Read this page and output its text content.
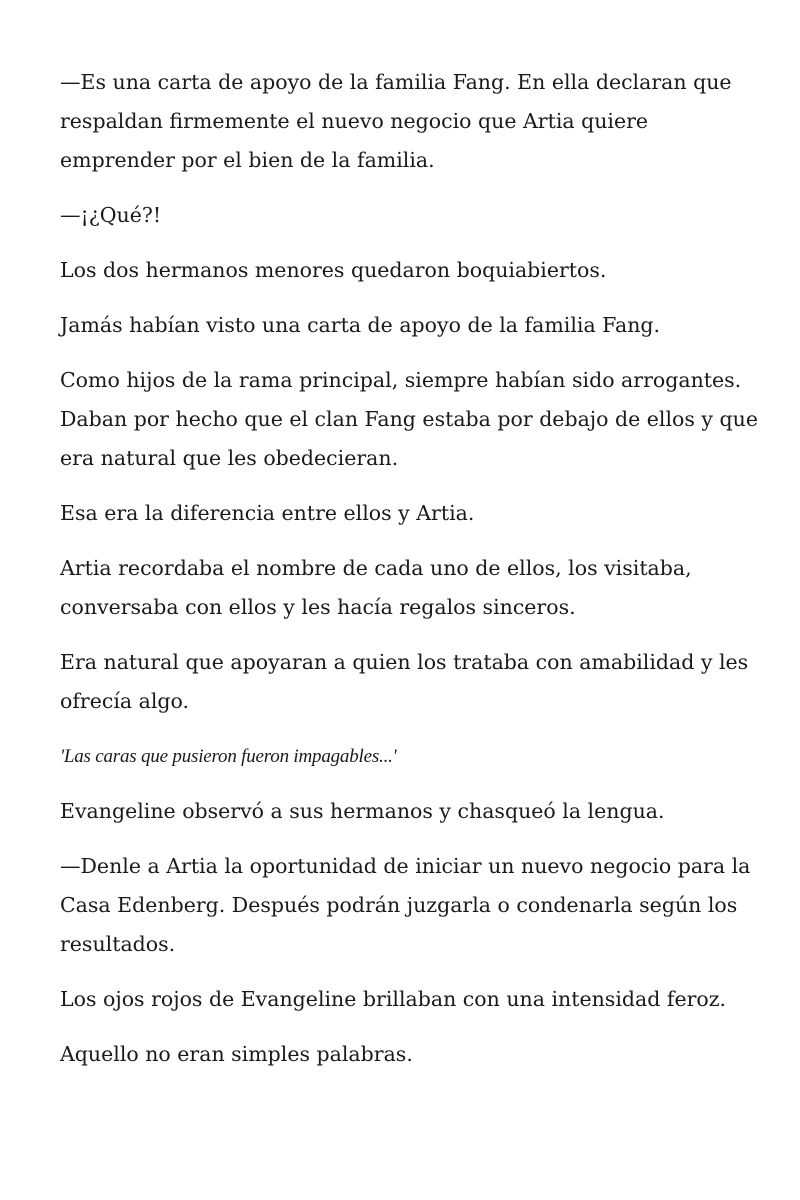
—Es una carta de apoyo de la familia Fang. En ella declaran que respaldan firmemente el nuevo negocio que Artia quiere emprender por el bien de la familia.

—¡¿Qué?!

Los dos hermanos menores quedaron boquiabiertos.

Jamás habían visto una carta de apoyo de la familia Fang.

Como hijos de la rama principal, siempre habían sido arrogantes. Daban por hecho que el clan Fang estaba por debajo de ellos y que era natural que les obedecieran.

Esa era la diferencia entre ellos y Artia.

Artia recordaba el nombre de cada uno de ellos, los visitaba, conversaba con ellos y les hacía regalos sinceros.

Era natural que apoyaran a quien los trataba con amabilidad y les ofrecía algo.

'Las caras que pusieron fueron impagables...'

Evangeline observó a sus hermanos y chasqueó la lengua.

—Denle a Artia la oportunidad de iniciar un nuevo negocio para la Casa Edenberg. Después podrán juzgarla o condenarla según los resultados.

Los ojos rojos de Evangeline brillaban con una intensidad feroz.

Aquello no eran simples palabras.
